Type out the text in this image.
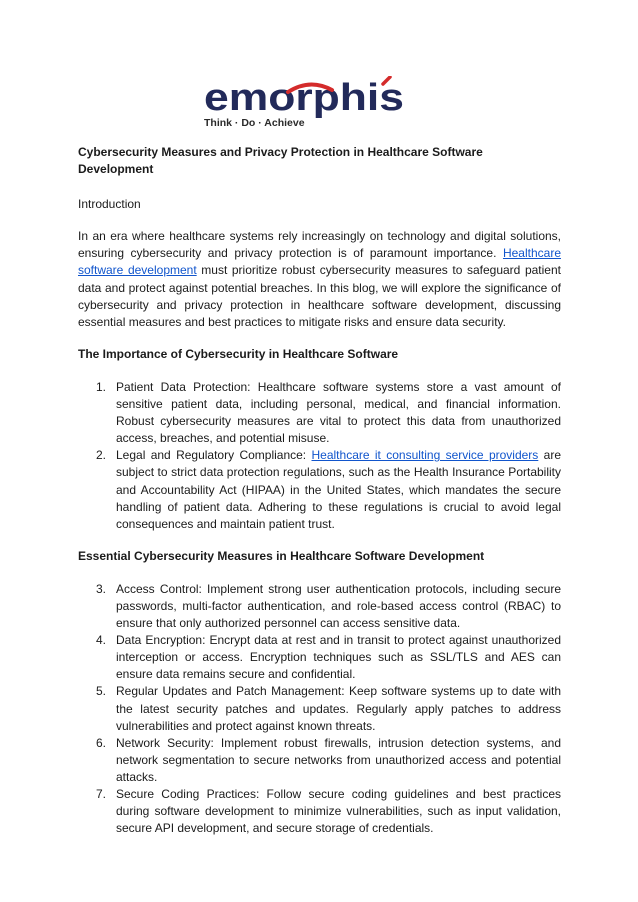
emorphis
Think · Do · Achieve

Cybersecurity Measures and Privacy Protection in Healthcare Software Development

Introduction

In an era where healthcare systems rely increasingly on technology and digital solutions, ensuring cybersecurity and privacy protection is of paramount importance. Healthcare software development must prioritize robust cybersecurity measures to safeguard patient data and protect against potential breaches. In this blog, we will explore the significance of cybersecurity and privacy protection in healthcare software development, discussing essential measures and best practices to mitigate risks and ensure data security.

The Importance of Cybersecurity in Healthcare Software

1. Patient Data Protection: Healthcare software systems store a vast amount of sensitive patient data, including personal, medical, and financial information. Robust cybersecurity measures are vital to protect this data from unauthorized access, breaches, and potential misuse.
2. Legal and Regulatory Compliance: Healthcare it consulting service providers are subject to strict data protection regulations, such as the Health Insurance Portability and Accountability Act (HIPAA) in the United States, which mandates the secure handling of patient data. Adhering to these regulations is crucial to avoid legal consequences and maintain patient trust.

Essential Cybersecurity Measures in Healthcare Software Development

3. Access Control: Implement strong user authentication protocols, including secure passwords, multi-factor authentication, and role-based access control (RBAC) to ensure that only authorized personnel can access sensitive data.
4. Data Encryption: Encrypt data at rest and in transit to protect against unauthorized interception or access. Encryption techniques such as SSL/TLS and AES can ensure data remains secure and confidential.
5. Regular Updates and Patch Management: Keep software systems up to date with the latest security patches and updates. Regularly apply patches to address vulnerabilities and protect against known threats.
6. Network Security: Implement robust firewalls, intrusion detection systems, and network segmentation to secure networks from unauthorized access and potential attacks.
7. Secure Coding Practices: Follow secure coding guidelines and best practices during software development to minimize vulnerabilities, such as input validation, secure API development, and secure storage of credentials.
